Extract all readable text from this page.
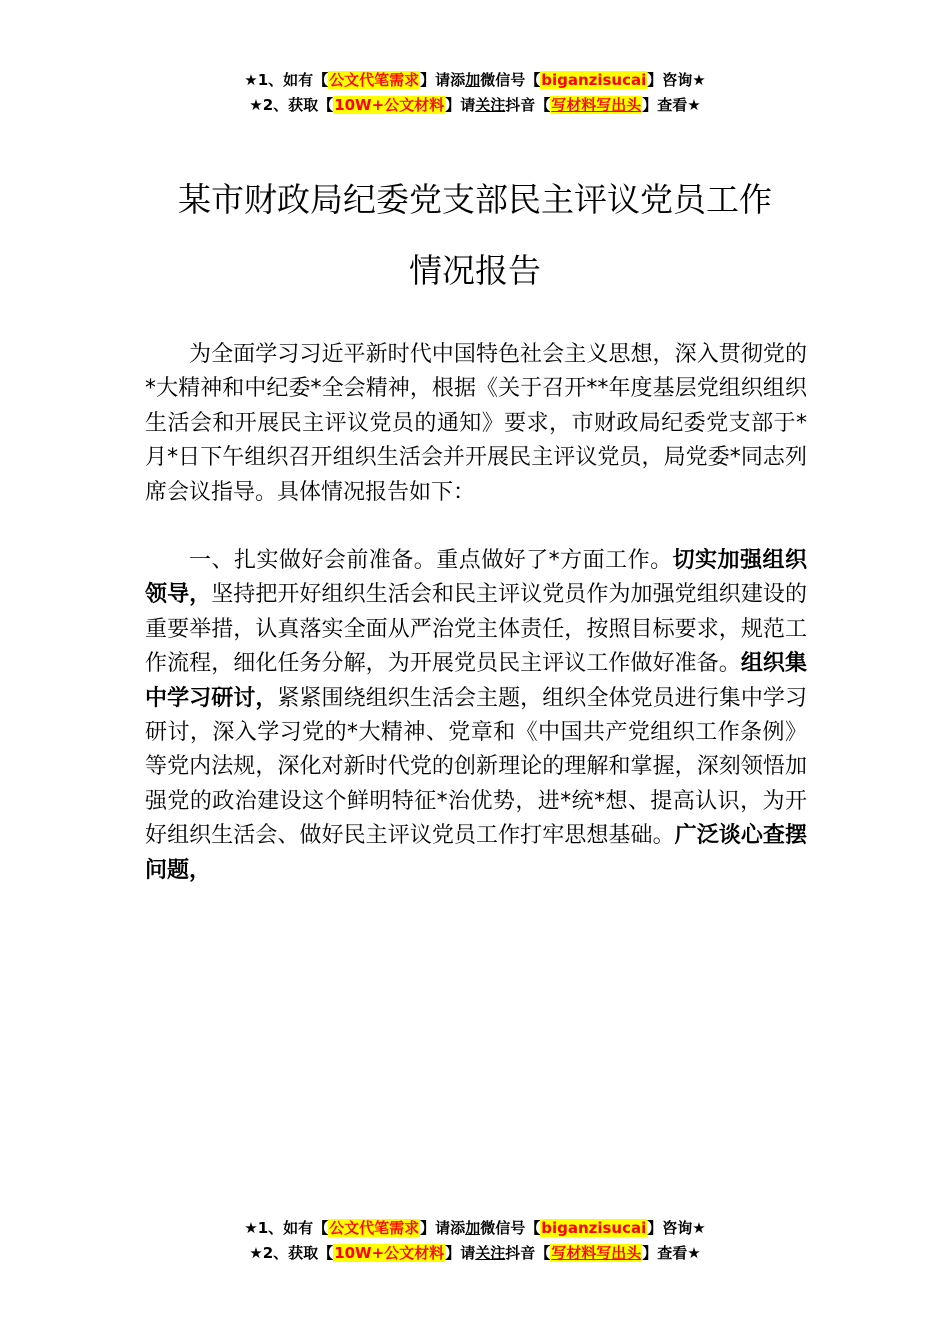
★1、如有【公文代笔需求】请添加微信号【biganzisucai】咨询★
★2、获取【10W+公文材料】请关注抖音【写材料写出头】查看★
某市财政局纪委党支部民主评议党员工作
情况报告

为全面学习习近平新时代中国特色社会主义思想，深入贯彻党的*大精神和中纪委*全会精神，根据《关于召开**年度基层党组织组织生活会和开展民主评议党员的通知》要求，市财政局纪委党支部于*月*日下午组织召开组织生活会并开展民主评议党员，局党委*同志列席会议指导。具体情况报告如下：

一、扎实做好会前准备。重点做好了*方面工作。切实加强组织领导，坚持把开好组织生活会和民主评议党员作为加强党组织建设的重要举措，认真落实全面从严治党主体责任，按照目标要求，规范工作流程，细化任务分解，为开展党员民主评议工作做好准备。组织集中学习研讨，紧紧围绕组织生活会主题，组织全体党员进行集中学习研讨，深入学习党的*大精神、党章和《中国共产党组织工作条例》等党内法规，深化对新时代党的创新理论的理解和掌握，深刻领悟加强党的政治建设这个鲜明特征*治优势，进*统*想、提高认识，为开好组织生活会、做好民主评议党员工作打牢思想基础。广泛谈心查摆问题，

★1、如有【公文代笔需求】请添加微信号【biganzisucai】咨询★
★2、获取【10W+公文材料】请关注抖音【写材料写出头】查看★
